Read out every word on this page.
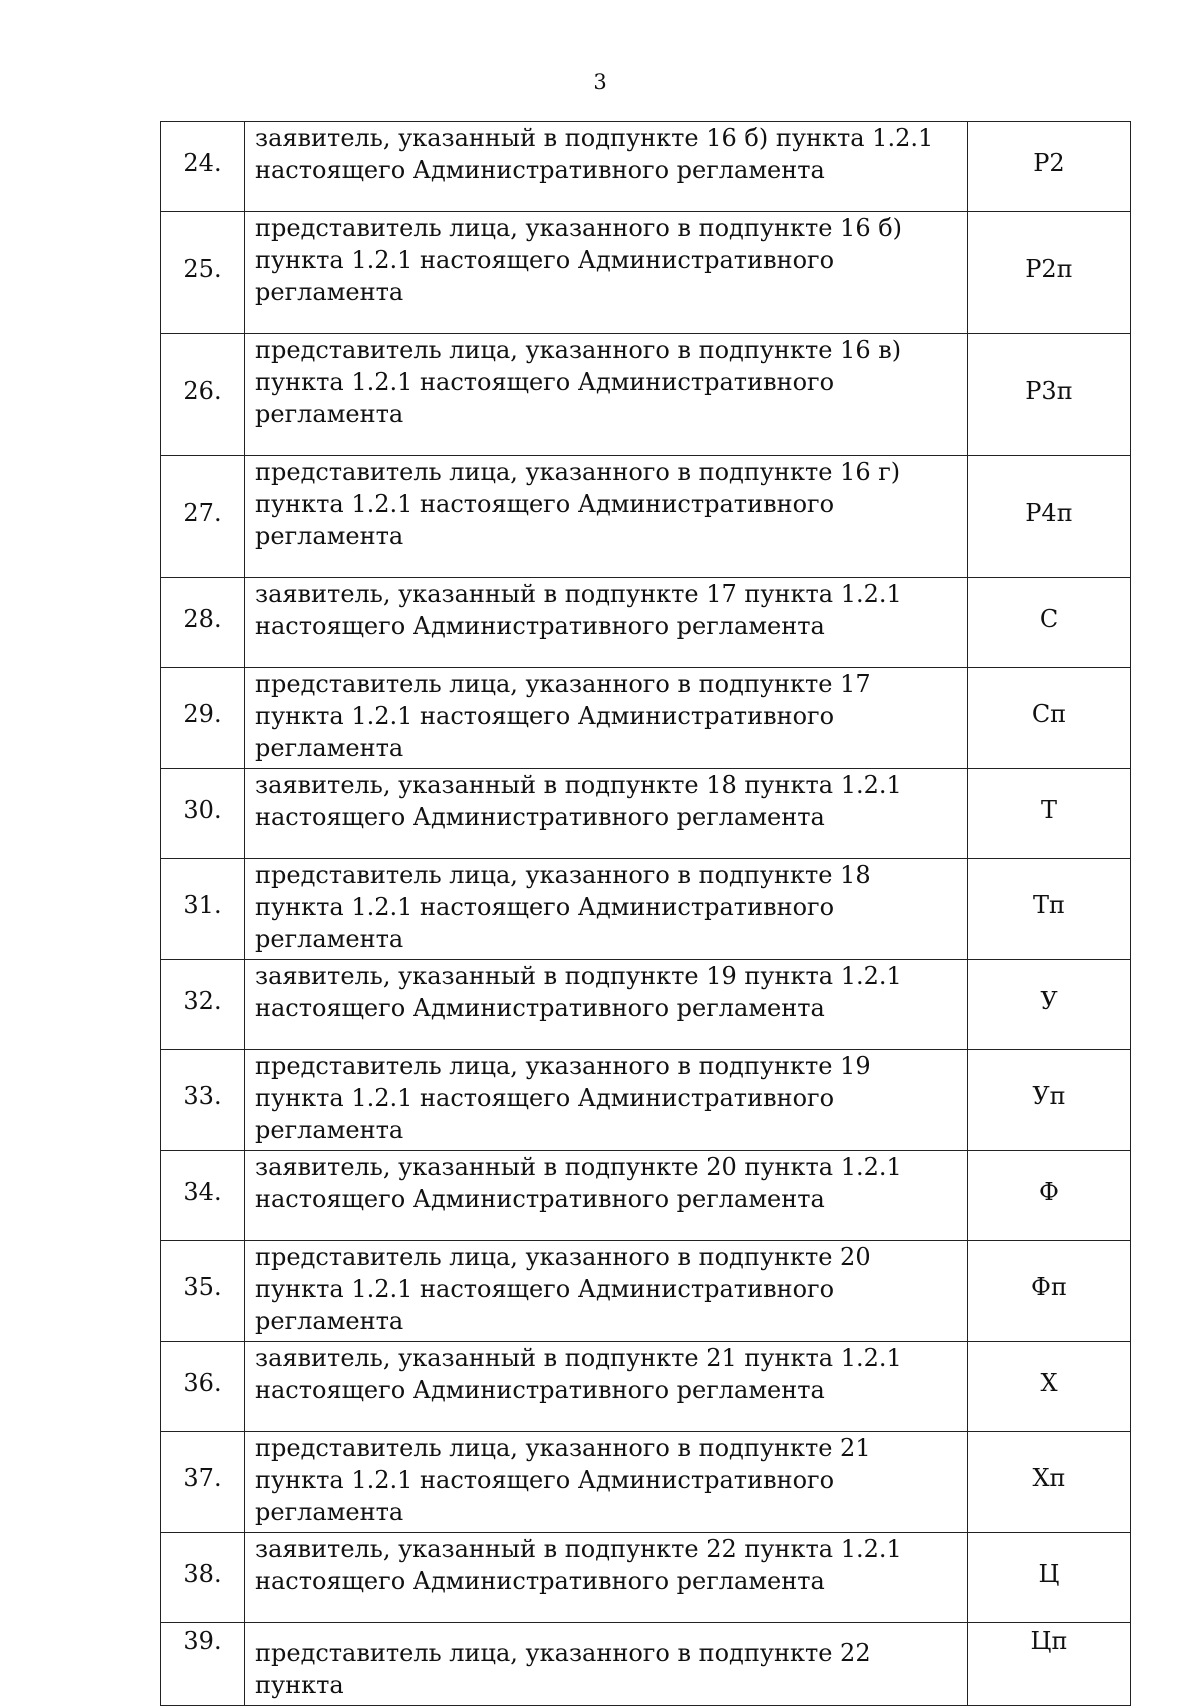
3
24.	заявитель, указанный в подпункте 16 б) пункта 1.2.1 настоящего Административного регламента	Р2
25.	представитель лица, указанного в подпункте 16 б) пункта 1.2.1 настоящего Административного регламента	Р2п
26.	представитель лица, указанного в подпункте 16 в) пункта 1.2.1 настоящего Административного регламента	Р3п
27.	представитель лица, указанного в подпункте 16 г) пункта 1.2.1 настоящего Административного регламента	Р4п
28.	заявитель, указанный в подпункте 17 пункта 1.2.1 настоящего Административного регламента	С
29.	представитель лица, указанного в подпункте 17 пункта 1.2.1 настоящего Административного регламента	Сп
30.	заявитель, указанный в подпункте 18 пункта 1.2.1 настоящего Административного регламента	Т
31.	представитель лица, указанного в подпункте 18 пункта 1.2.1 настоящего Административного регламента	Тп
32.	заявитель, указанный в подпункте 19 пункта 1.2.1 настоящего Административного регламента	У
33.	представитель лица, указанного в подпункте 19 пункта 1.2.1 настоящего Административного регламента	Уп
34.	заявитель, указанный в подпункте 20 пункта 1.2.1 настоящего Административного регламента	Ф
35.	представитель лица, указанного в подпункте 20 пункта 1.2.1 настоящего Административного регламента	Фп
36.	заявитель, указанный в подпункте 21 пункта 1.2.1 настоящего Административного регламента	Х
37.	представитель лица, указанного в подпункте 21 пункта 1.2.1 настоящего Административного регламента	Хп
38.	заявитель, указанный в подпункте 22 пункта 1.2.1 настоящего Административного регламента	Ц
39.	представитель лица, указанного в подпункте 22 пункта	Цп
